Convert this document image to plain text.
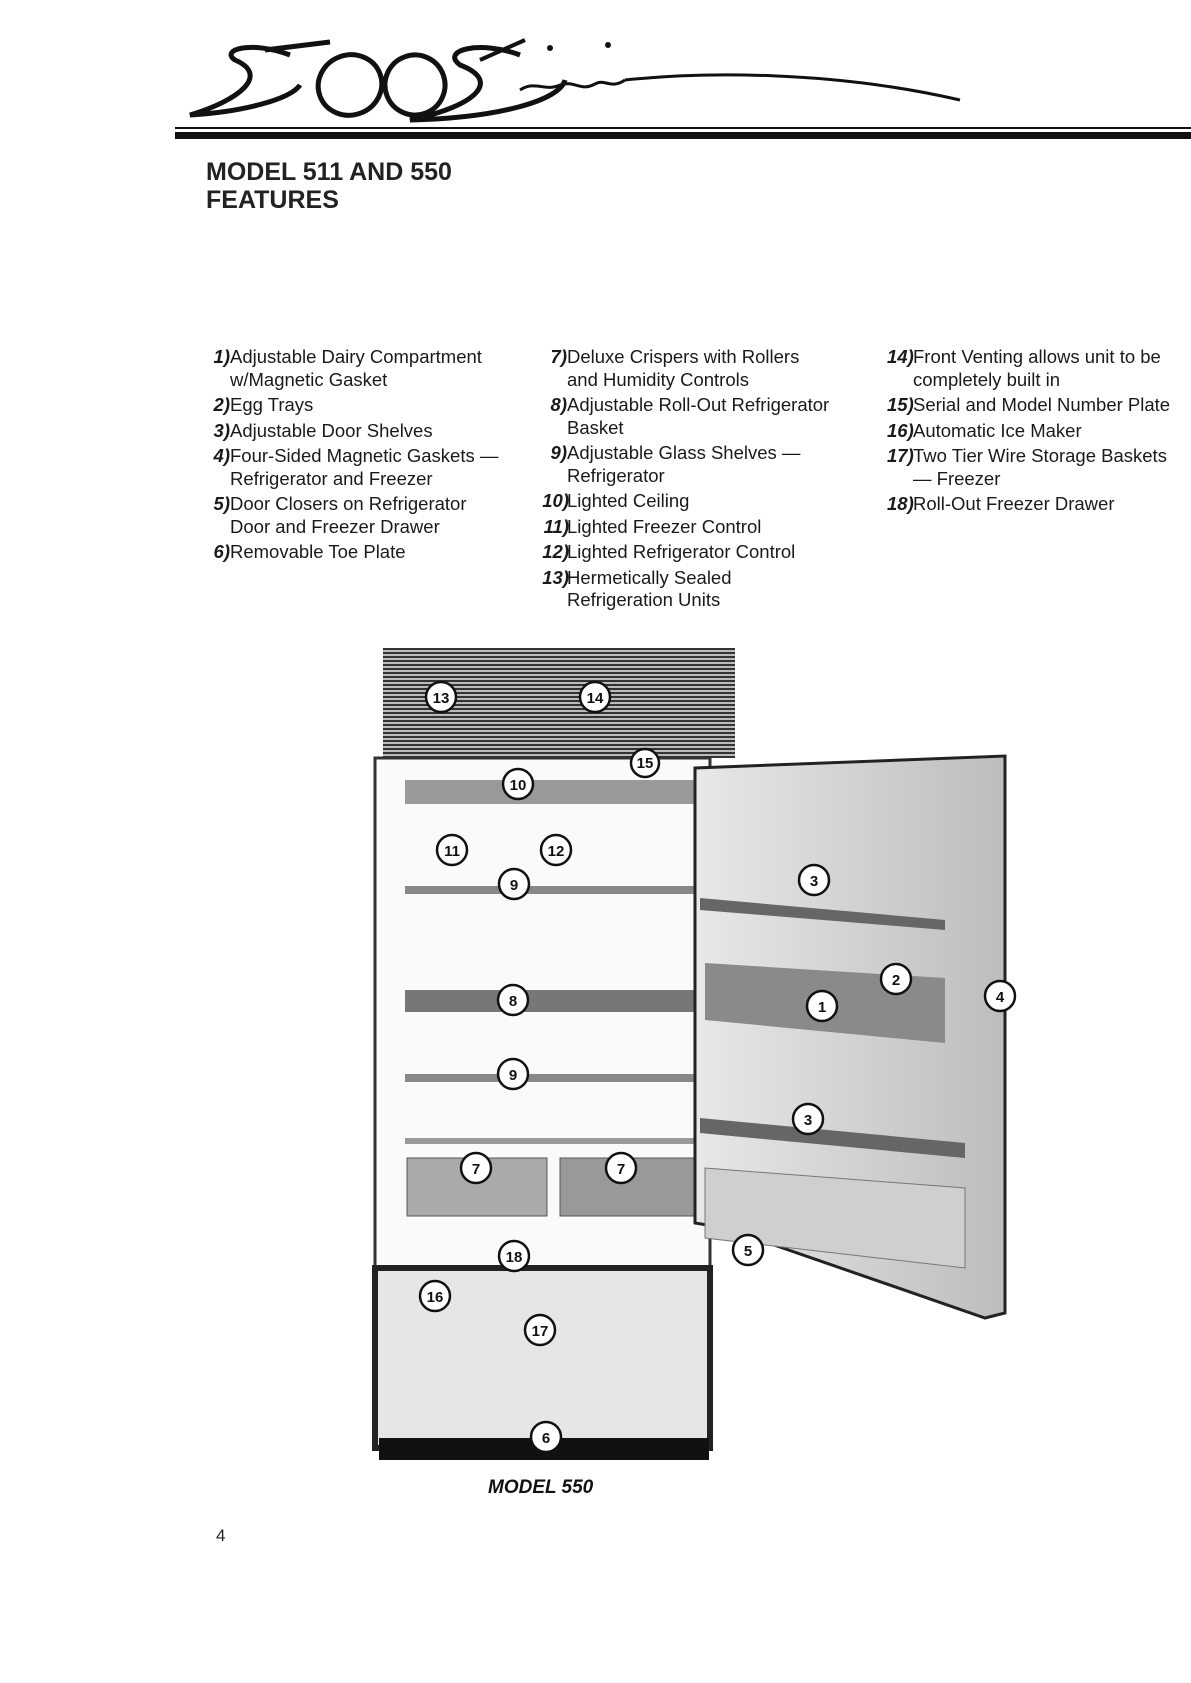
MODEL 511 AND 550
FEATURES
1) Adjustable Dairy Compartment w/Magnetic Gasket
2) Egg Trays
3) Adjustable Door Shelves
4) Four-Sided Magnetic Gaskets — Refrigerator and Freezer
5) Door Closers on Refrigerator Door and Freezer Drawer
6) Removable Toe Plate
7) Deluxe Crispers with Rollers and Humidity Controls
8) Adjustable Roll-Out Refrigerator Basket
9) Adjustable Glass Shelves — Refrigerator
10)
Lighted Ceiling
11)
Lighted Freezer Control
12)
Lighted Refrigerator Control
13)
Hermetically Sealed Refrigeration Units
14) Front Venting allows unit to be completely built in
15) Serial and Model Number Plate
16) Automatic Ice Maker
17) Two Tier Wire Storage Baskets — Freezer
18) Roll-Out Freezer Drawer
13	14
15
10
11	12
9	3
2
1
4
8
9
3
7	7
5
18
16
17
6
MODEL 550
4
